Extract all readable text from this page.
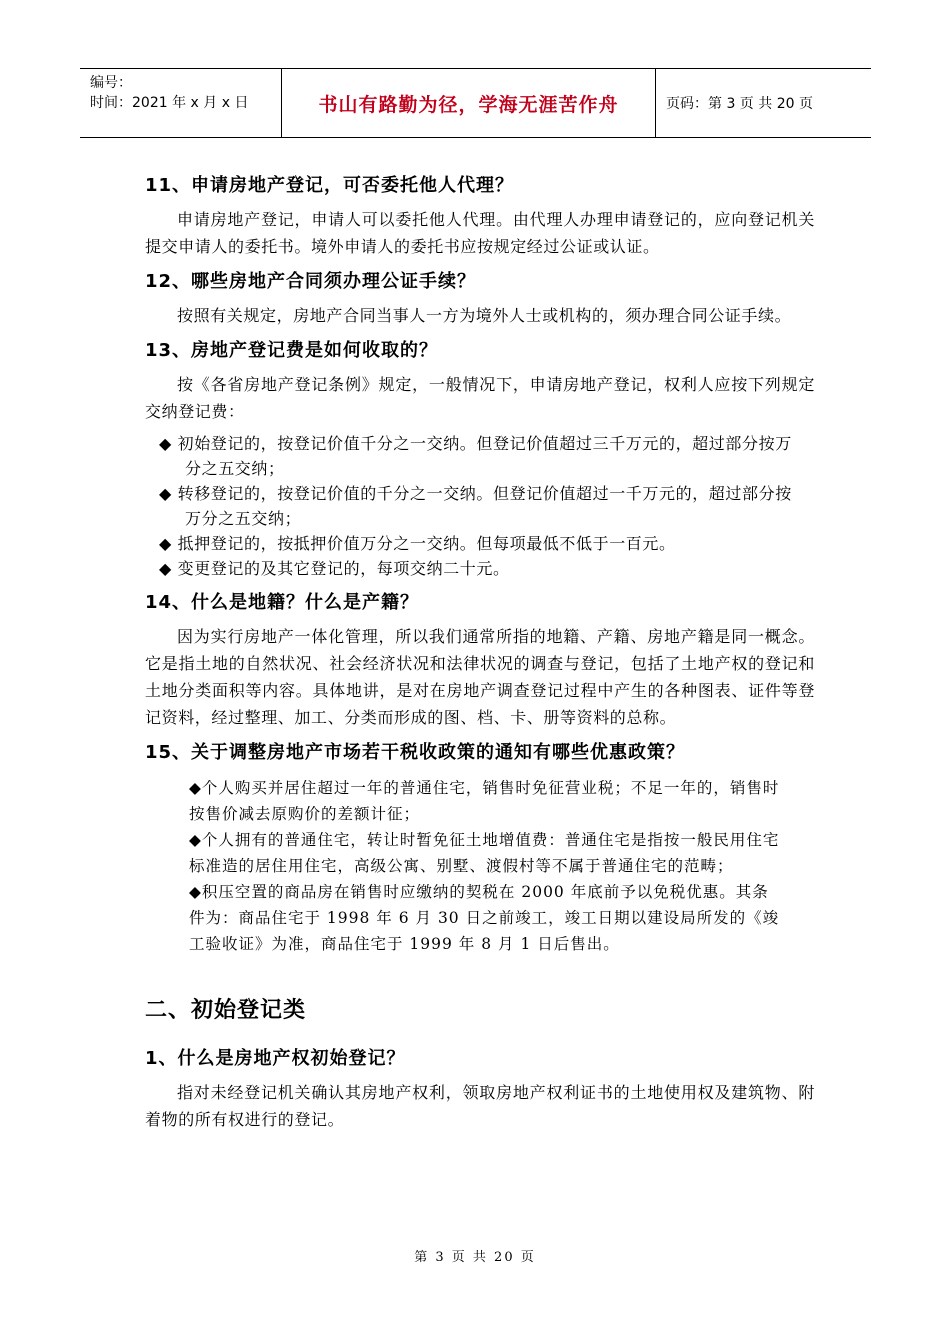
编号：
时间：2021 年 x 月 x 日	书山有路勤为径，学海无涯苦作舟	页码：第 3 页 共 20 页
11、申请房地产登记，可否委托他人代理？

申请房地产登记，申请人可以委托他人代理。由代理人办理申请登记的，应向登记机关提交申请人的委托书。境外申请人的委托书应按规定经过公证或认证。

12、哪些房地产合同须办理公证手续？

按照有关规定，房地产合同当事人一方为境外人士或机构的，须办理合同公证手续。

13、房地产登记费是如何收取的？

按《各省房地产登记条例》规定，一般情况下，申请房地产登记，权利人应按下列规定交纳登记费：

◆ 初始登记的，按登记价值千分之一交纳。但登记价值超过三千万元的，超过部分按万分之五交纳；

◆ 转移登记的，按登记价值的千分之一交纳。但登记价值超过一千万元的，超过部分按万分之五交纳；

◆ 抵押登记的，按抵押价值万分之一交纳。但每项最低不低于一百元。

◆ 变更登记的及其它登记的，每项交纳二十元。

14、什么是地籍？什么是产籍？

因为实行房地产一体化管理，所以我们通常所指的地籍、产籍、房地产籍是同一概念。它是指土地的自然状况、社会经济状况和法律状况的调查与登记，包括了土地产权的登记和土地分类面积等内容。具体地讲，是对在房地产调查登记过程中产生的各种图表、证件等登记资料，经过整理、加工、分类而形成的图、档、卡、册等资料的总称。

15、关于调整房地产市场若干税收政策的通知有哪些优惠政策？

◆个人购买并居住超过一年的普通住宅，销售时免征营业税；不足一年的，销售时按售价减去原购价的差额计征；

◆个人拥有的普通住宅，转让时暂免征土地增值费：普通住宅是指按一般民用住宅标准造的居住用住宅，高级公寓、别墅、渡假村等不属于普通住宅的范畴；

◆积压空置的商品房在销售时应缴纳的契税在 2000 年底前予以免税优惠。其条件为：商品住宅于 1998 年 6 月 30 日之前竣工，竣工日期以建设局所发的《竣工验收证》为准，商品住宅于 1999 年 8 月 1 日后售出。

二、初始登记类
1、什么是房地产权初始登记？

指对未经登记机关确认其房地产权利，领取房地产权利证书的土地使用权及建筑物、附着物的所有权进行的登记。

第 3 页 共 20 页
